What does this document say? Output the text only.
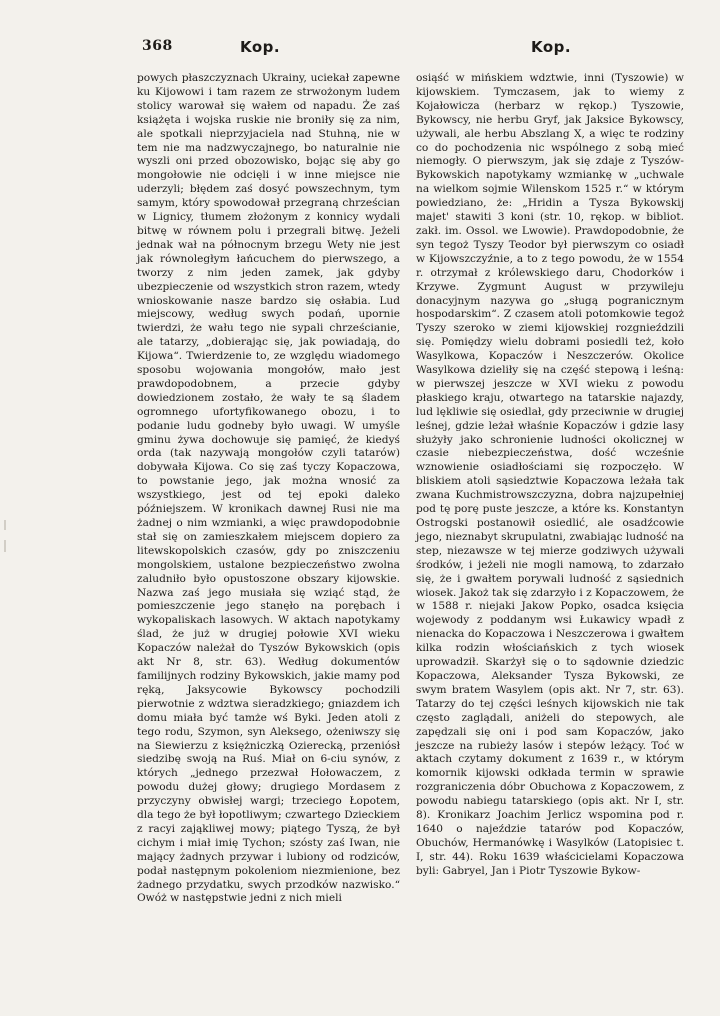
368	Kop.	Kop.

powych płaszczyznach Ukrainy, uciekał zapewne ku Kijowowi i tam razem ze strwożonym ludem stolicy warował się wałem od napadu. Że zaś książęta i wojska ruskie nie broniły się za nim, ale spotkali nieprzyjaciela nad Stuhną, nie w tem nie ma nadzwyczajnego, bo naturalnie nie wyszli oni przed obozowisko, bojąc się aby go mongołowie nie odcięli i w inne miejsce nie uderzyli; błędem zaś dosyć powszechnym, tym samym, który spowodował przegraną chrześcian w Lignicy, tłumem złożonym z konnicy wydali bitwę w równem polu i przegrali bitwę. Jeżeli jednak wał na północnym brzegu Wety nie jest jak równoległym łańcuchem do pierwszego, a tworzy z nim jeden zamek, jak gdyby ubezpieczenie od wszystkich stron razem, wtedy wnioskowanie nasze bardzo się osłabia. Lud miejscowy, według swych podań, upornie twierdzi, że wału tego nie sypali chrześcianie, ale tatarzy, „dobierając się, jak powiadają, do Kijowa“. Twierdzenie to, ze względu wiadomego sposobu wojowania mongołów, mało jest prawdopodobnem, a przecie gdyby dowiedzionem zostało, że wały te są śladem ogromnego ufortyfikowanego obozu, i to podanie ludu godneby było uwagi. W umyśle gminu żywa dochowuje się pamięć, że kiedyś orda (tak nazywają mongołów czyli tatarów) dobywała Kijowa. Co się zaś tyczy Kopaczowa, to powstanie jego, jak można wnosić za wszystkiego, jest od tej epoki daleko późniejszem. W kronikach dawnej Rusi nie ma żadnej o nim wzmianki, a więc prawdopodobnie stał się on zamieszkałem miejscem dopiero za litewskopolskich czasów, gdy po zniszczeniu mongolskiem, ustalone bezpieczeństwo zwolna zaludniło było opustoszone obszary kijowskie. Nazwa zaś jego musiała się wziąć stąd, że pomieszczenie jego stanęło na porębach i wykopaliskach lasowych. W aktach napotykamy ślad, że już w drugiej połowie XVI wieku Kopaczów należał do Tyszów Bykowskich (opis akt Nr 8, str. 63). Według dokumentów familijnych rodziny Bykowskich, jakie mamy pod ręką, Jaksycowie Bykowscy pochodzili pierwotnie z wdztwa sieradzkiego; gniazdem ich domu miała być tamże wś Byki. Jeden atoli z tego rodu, Szymon, syn Aleksego, ożeniwszy się na Siewierzu z księżniczką Ozierecką, przeniósł siedzibę swoją na Ruś. Miał on 6-ciu synów, z których „jednego przezwał Hołowaczem, z powodu dużej głowy; drugiego Mordasem z przyczyny obwisłej wargi; trzeciego Łopotem, dla tego że był łopotliwym; czwartego Dzieckiem z racyi zająkliwej mowy; piątego Tyszą, że był cichym i miał imię Tychon; szósty zaś Iwan, nie mający żadnych przywar i lubiony od rodziców, podał następnym pokoleniom niezmienione, bez żadnego przydatku, swych przodków nazwisko.“ Owóż w następstwie jedni z nich mieli

osiąść w mińskiem wdztwie, inni (Tyszowie) w kijowskiem. Tymczasem, jak to wiemy z Kojałowicza (herbarz w rękop.) Tyszowie, Bykowscy, nie herbu Gryf, jak Jaksice Bykowscy, używali, ale herbu Abszlang X, a więc te rodziny co do pochodzenia nic wspólnego z sobą mieć niemogły. O pierwszym, jak się zdaje z Tyszów-Bykowskich napotykamy wzmiankę w „uchwale na wielkom sojmie Wilenskom 1525 r.“ w którym powiedziano, że: „Hridin a Tysza Bykowskij majet' stawiti 3 koni (str. 10, rękop. w bibliot. zakł. im. Ossol. we Lwowie). Prawdopodobnie, że syn tegoż Tyszy Teodor był pierwszym co osiadł w Kijowszczyźnie, a to z tego powodu, że w 1554 r. otrzymał z królewskiego daru, Chodorków i Krzywe. Zygmunt August w przywileju donacyjnym nazywa go „sługą pogranicznym hospodarskim“. Z czasem atoli potomkowie tegoż Tyszy szeroko w ziemi kijowskiej rozgnieździli się. Pomiędzy wielu dobrami posiedli też, koło Wasylkowa, Kopaczów i Neszczerów. Okolice Wasylkowa dzieliły się na część stepową i leśną: w pierwszej jeszcze w XVI wieku z powodu płaskiego kraju, otwartego na tatarskie najazdy, lud lękliwie się osiedlał, gdy przeciwnie w drugiej leśnej, gdzie leżał właśnie Kopaczów i gdzie lasy służyły jako schronienie ludności okolicznej w czasie niebezpieczeństwa, dość wcześnie wznowienie osiadłościami się rozpoczęło. W bliskiem atoli sąsiedztwie Kopaczowa leżała tak zwana Kuchmistrowszczyzna, dobra najzupełniej pod tę porę puste jeszcze, a które ks. Konstantyn Ostrogski postanowił osiedlić, ale osadźcowie jego, nieznabyt skrupulatni, zwabiając ludność na step, niezawsze w tej mierze godziwych używali środków, i jeżeli nie mogli namową, to zdarzało się, że i gwałtem porywali ludność z sąsiednich wiosek. Jakoż tak się zdarzyło i z Kopaczowem, że w 1588 r. niejaki Jakow Popko, osadca księcia wojewody z poddanym wsi Łukawicy wpadł z nienacka do Kopaczowa i Neszczerowa i gwałtem kilka rodzin włościańskich z tych wiosek uprowadził. Skarżył się o to sądownie dziedzic Kopaczowa, Aleksander Tysza Bykowski, ze swym bratem Wasylem (opis akt. Nr 7, str. 63). Tatarzy do tej części leśnych kijowskich nie tak często zaglądali, aniżeli do stepowych, ale zapędzali się oni i pod sam Kopaczów, jako jeszcze na rubieży lasów i stepów leżący. Toć w aktach czytamy dokument z 1639 r., w którym komornik kijowski odkłada termin w sprawie rozgraniczenia dóbr Obuchowa z Kopaczowem, z powodu nabiegu tatarskiego (opis akt. Nr I, str. 8). Kronikarz Joachim Jerlicz wspomina pod r. 1640 o najeździe tatarów pod Kopaczów, Obuchów, Hermanówkę i Wasylków (Latopisiec t. I, str. 44). Roku 1639 właścicielami Kopaczowa byli: Gabryel, Jan i Piotr Tyszowie Bykow-
